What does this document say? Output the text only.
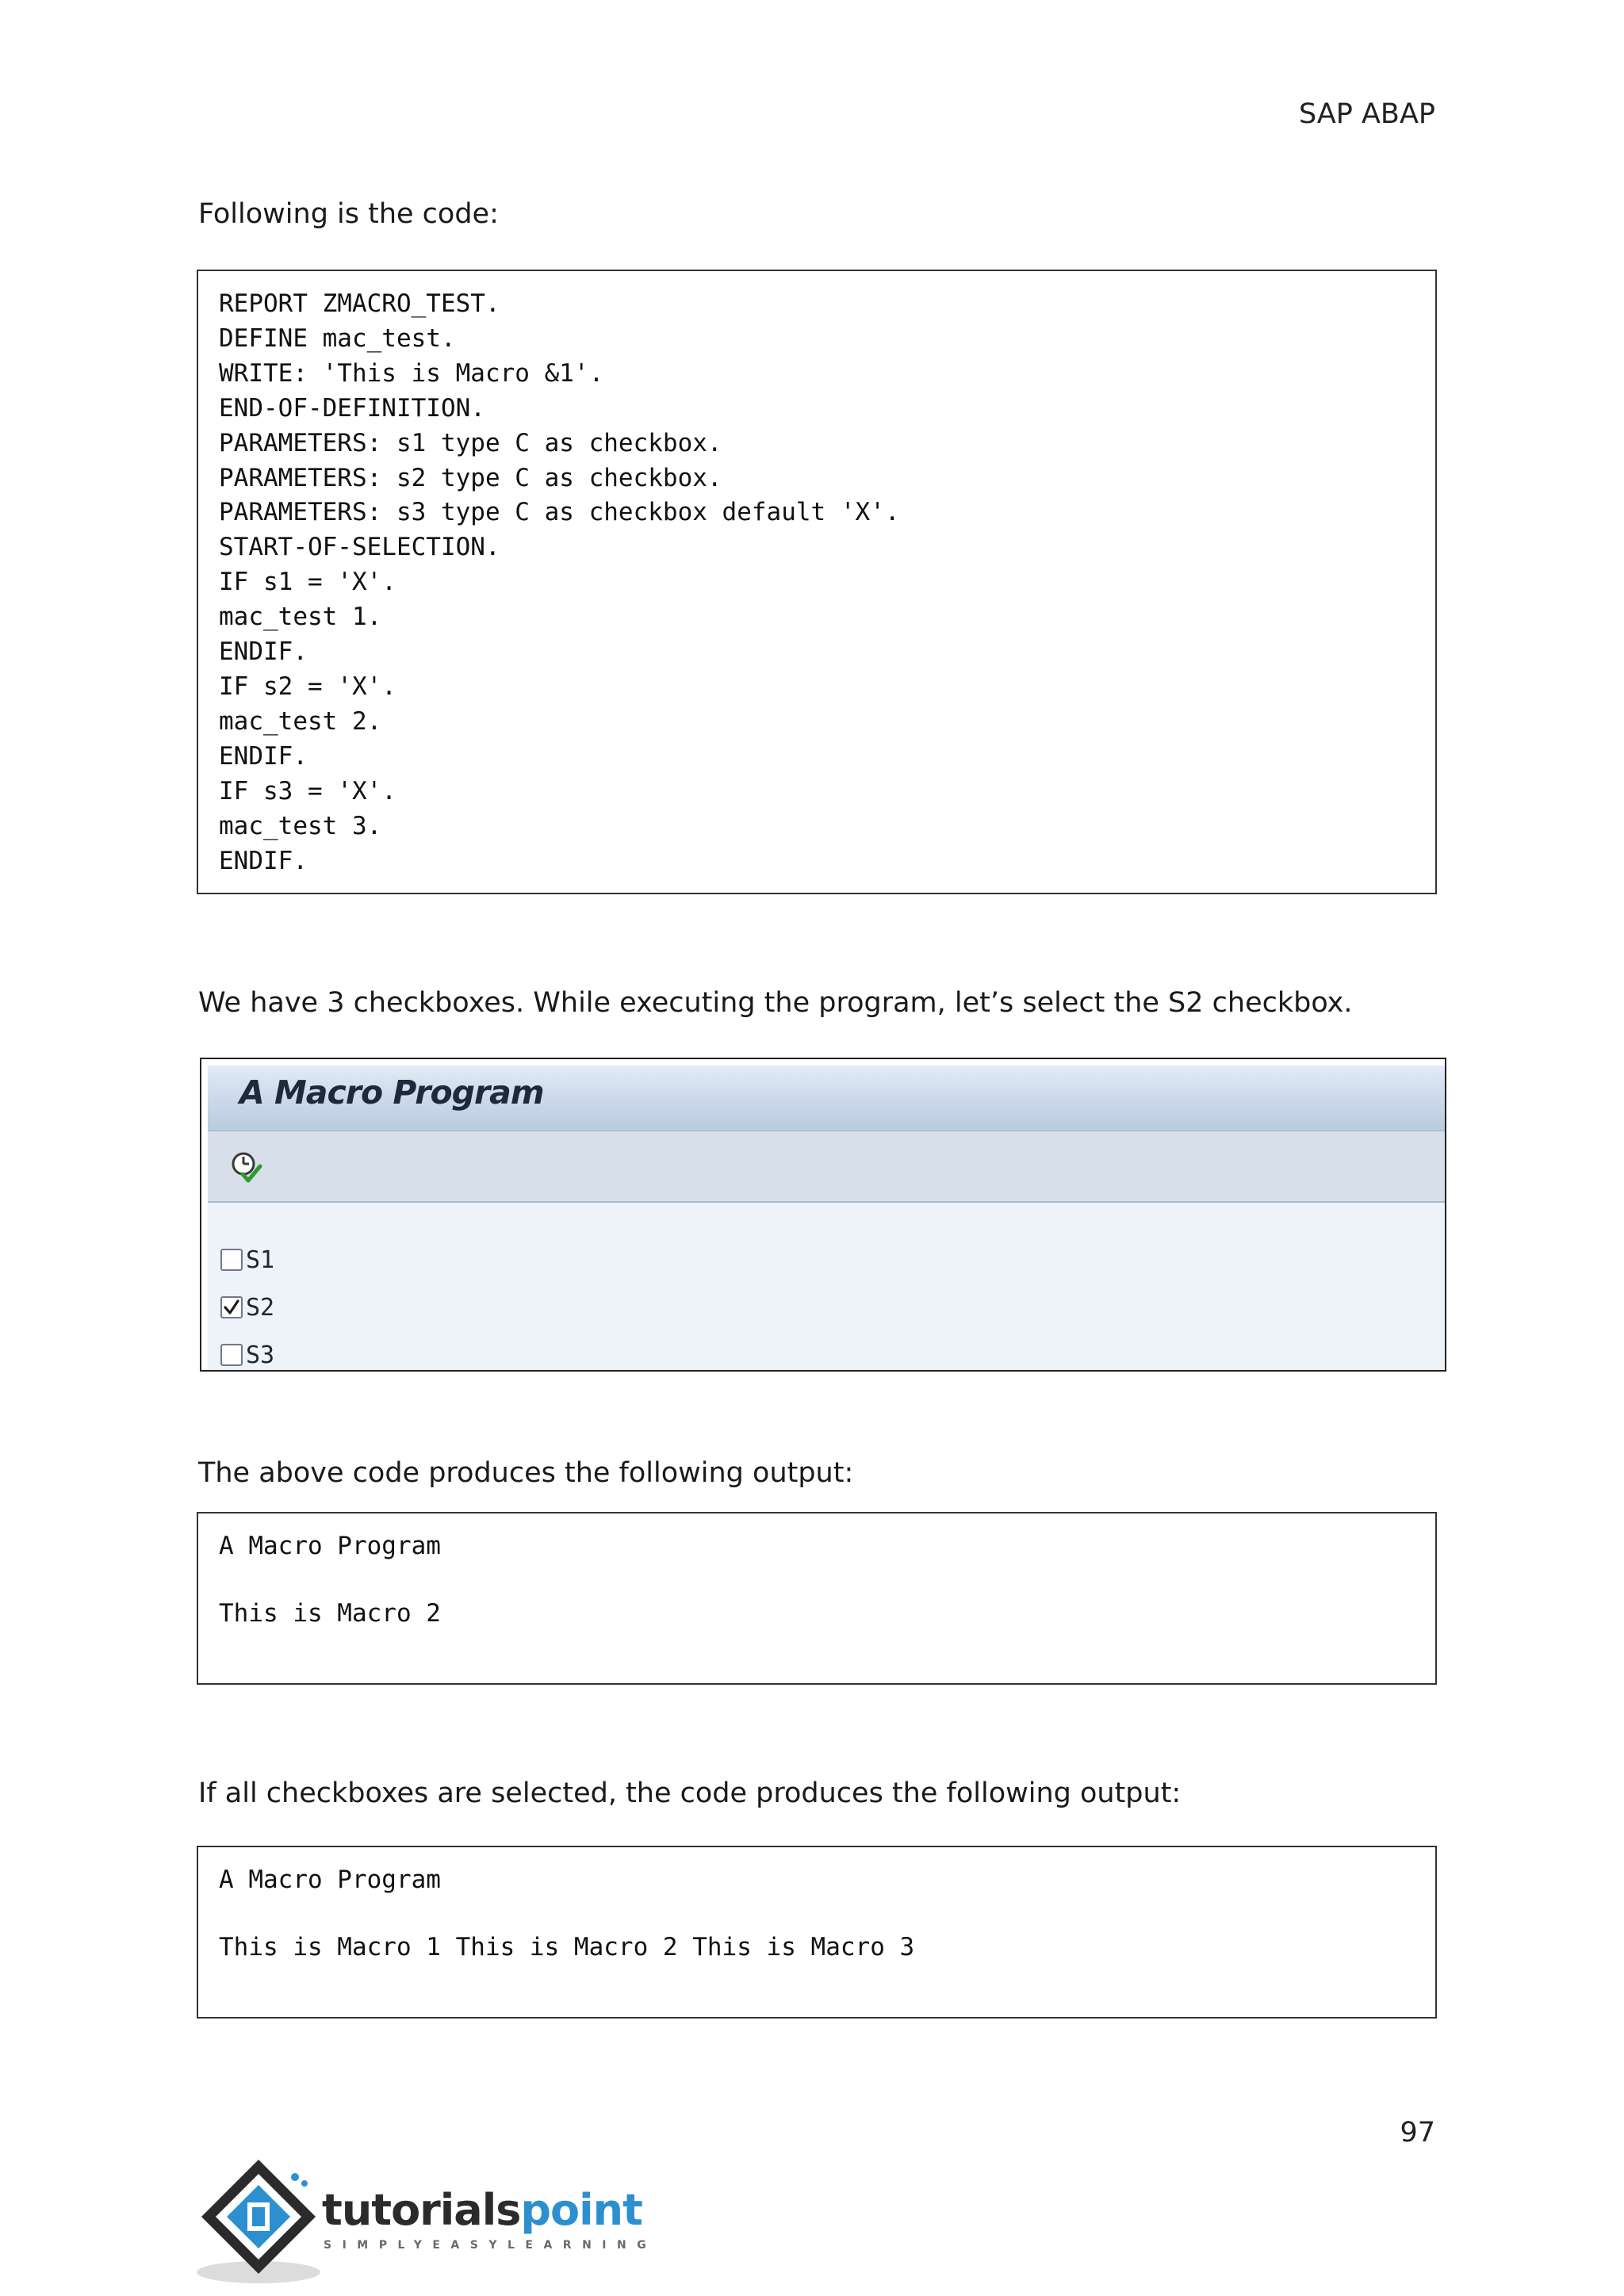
SAP ABAP
Following is the code:
REPORT ZMACRO_TEST.
DEFINE mac_test.
WRITE: 'This is Macro &1'.
END-OF-DEFINITION.
PARAMETERS: s1 type C as checkbox.
PARAMETERS: s2 type C as checkbox.
PARAMETERS: s3 type C as checkbox default 'X'.
START-OF-SELECTION.
IF s1 = 'X'.
mac_test 1.
ENDIF.
IF s2 = 'X'.
mac_test 2.
ENDIF.
IF s3 = 'X'.
mac_test 3.
ENDIF.
We have 3 checkboxes. While executing the program, let’s select the S2 checkbox.
A Macro Program
S1
S2
S3
The above code produces the following output:
A Macro Program

This is Macro 2
If all checkboxes are selected, the code produces the following output:
A Macro Program

This is Macro 1 This is Macro 2 This is Macro 3
97
tutorialspoint
SIMPLYEASYLEARNING
